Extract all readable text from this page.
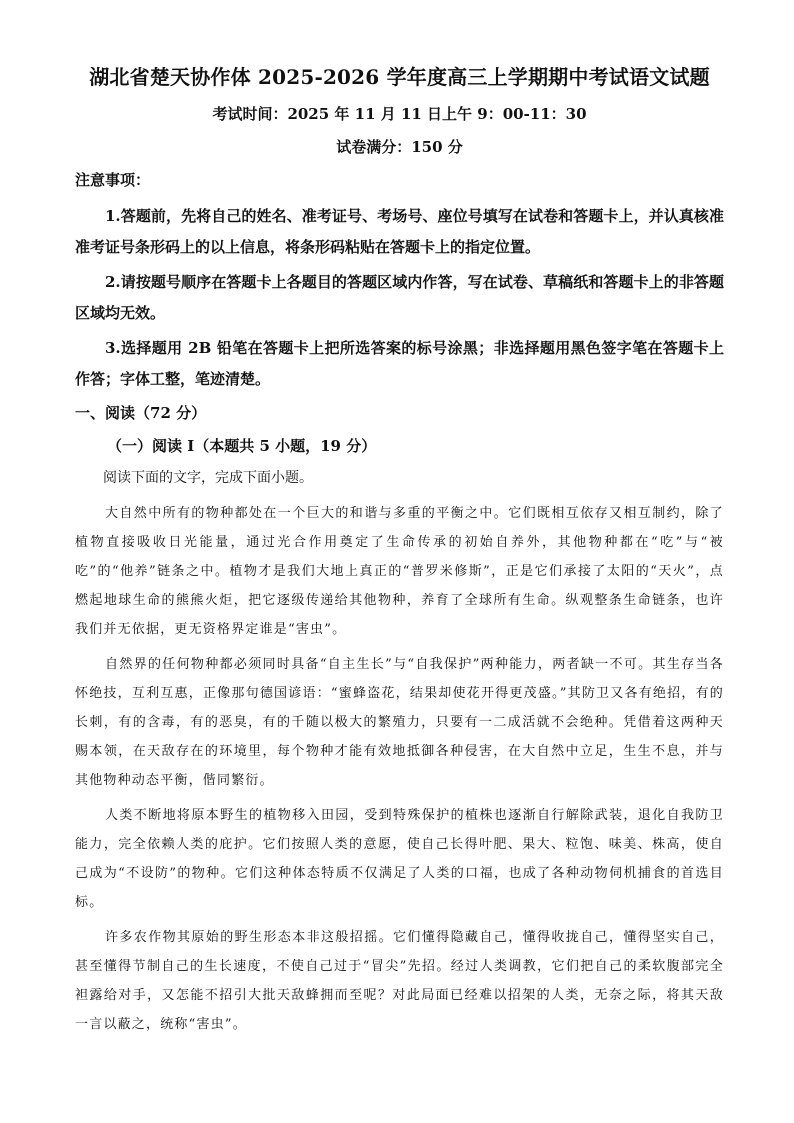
湖北省楚天协作体 2025-2026 学年度高三上学期期中考试语文试题
考试时间：2025 年 11 月 11 日上午 9：00-11：30
试卷满分：150 分
注意事项：
1.答题前，先将自己的姓名、准考证号、考场号、座位号填写在试卷和答题卡上，并认真核准准考证号条形码上的以上信息，将条形码粘贴在答题卡上的指定位置。
2.请按题号顺序在答题卡上各题目的答题区域内作答，写在试卷、草稿纸和答题卡上的非答题区域均无效。
3.选择题用 2B 铅笔在答题卡上把所选答案的标号涂黑；非选择题用黑色签字笔在答题卡上作答；字体工整，笔迹清楚。
一、阅读（72 分）
（一）阅读 I（本题共 5 小题，19 分）
阅读下面的文字，完成下面小题。

大自然中所有的物种都处在一个巨大的和谐与多重的平衡之中。它们既相互依存又相互制约，除了植物直接吸收日光能量，通过光合作用奠定了生命传承的初始自养外，其他物种都在“吃”与“被吃”的“他养”链条之中。植物才是我们大地上真正的“普罗米修斯”，正是它们承接了太阳的“天火”，点燃起地球生命的熊熊火炬，把它逐级传递给其他物种，养育了全球所有生命。纵观整条生命链条，也许我们并无依据，更无资格界定谁是“害虫”。

自然界的任何物种都必须同时具备“自主生长”与“自我保护”两种能力，两者缺一不可。其生存当各怀绝技，互利互惠，正像那句德国谚语：“蜜蜂盗花，结果却使花开得更茂盛。”其防卫又各有绝招，有的长刺，有的含毒，有的恶臭，有的千随以极大的繁殖力，只要有一二成活就不会绝种。凭借着这两种天赐本领，在天敌存在的环境里，每个物种才能有效地抵御各种侵害，在大自然中立足，生生不息，并与其他物种动态平衡，偕同繁衍。

人类不断地将原本野生的植物移入田园，受到特殊保护的植株也逐渐自行解除武装，退化自我防卫能力，完全依赖人类的庇护。它们按照人类的意愿，使自己长得叶肥、果大、粒饱、味美、株高，使自己成为“不设防”的物种。它们这种体态特质不仅满足了人类的口福，也成了各种动物伺机捕食的首选目标。

许多农作物其原始的野生形态本非这般招摇。它们懂得隐藏自己，懂得收拢自己，懂得坚实自己，甚至懂得节制自己的生长速度，不使自己过于“冒尖”先招。经过人类调教，它们把自己的柔软腹部完全袒露给对手，又怎能不招引大批天敌蜂拥而至呢？对此局面已经难以招架的人类，无奈之际，将其天敌一言以蔽之，统称“害虫”。
